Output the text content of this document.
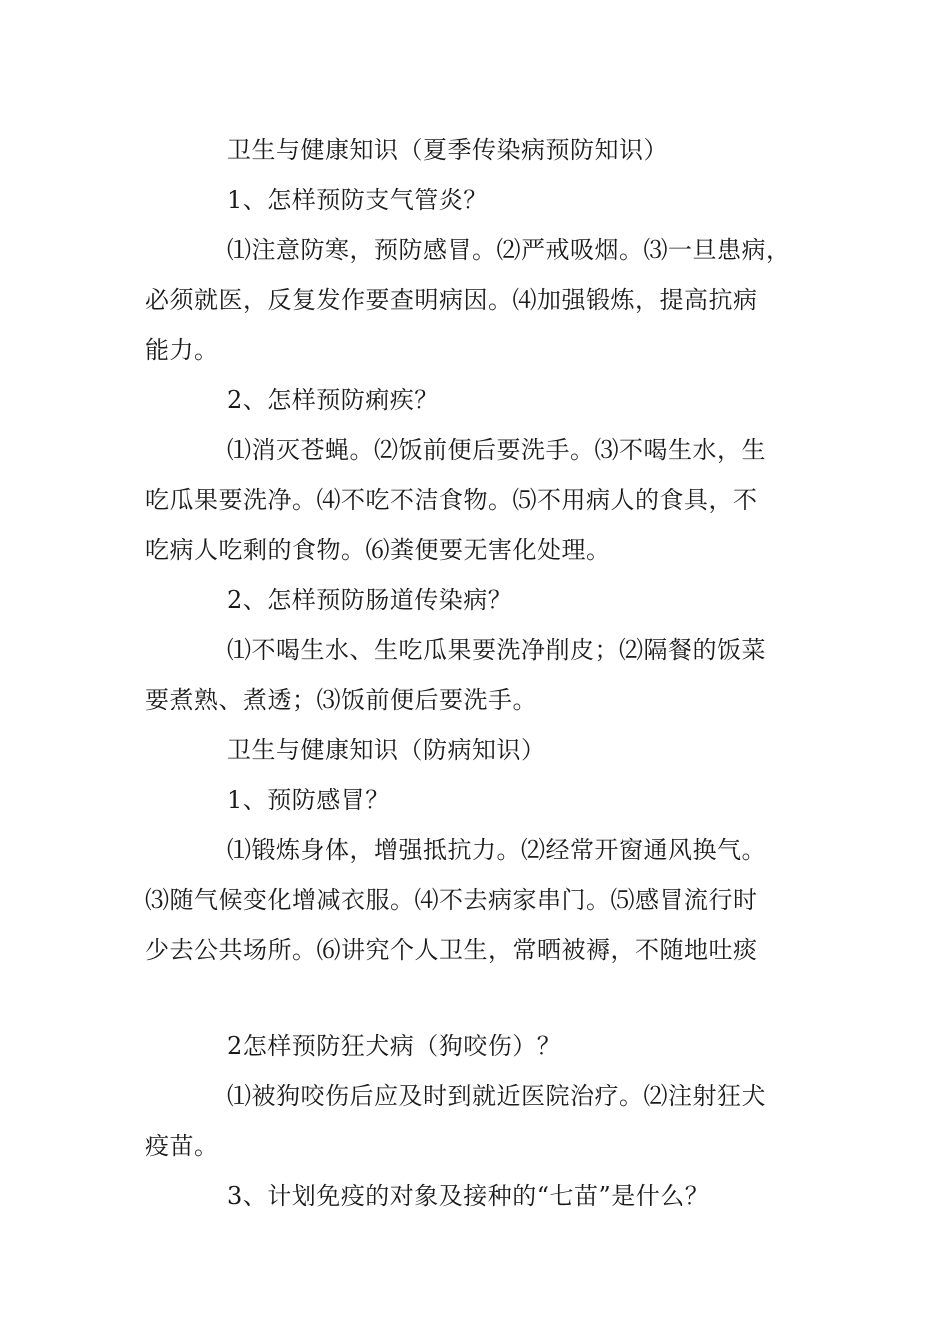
卫生与健康知识（夏季传染病预防知识）
1、怎样预防支气管炎？
⑴注意防寒，预防感冒。⑵严戒吸烟。⑶一旦患病，
必须就医，反复发作要查明病因。⑷加强锻炼，提高抗病
能力。
2、怎样预防痢疾？
⑴消灭苍蝇。⑵饭前便后要洗手。⑶不喝生水，生
吃瓜果要洗净。⑷不吃不洁食物。⑸不用病人的食具，不
吃病人吃剩的食物。⑹粪便要无害化处理。
2、怎样预防肠道传染病？
⑴不喝生水、生吃瓜果要洗净削皮；⑵隔餐的饭菜
要煮熟、煮透；⑶饭前便后要洗手。
卫生与健康知识（防病知识）
1、预防感冒？
⑴锻炼身体，增强抵抗力。⑵经常开窗通风换气。
⑶随气候变化增减衣服。⑷不去病家串门。⑸感冒流行时
少去公共场所。⑹讲究个人卫生，常晒被褥，不随地吐痰
2怎样预防狂犬病（狗咬伤）？
⑴被狗咬伤后应及时到就近医院治疗。⑵注射狂犬
疫苗。
3、计划免疫的对象及接种的“七苗”是什么？
